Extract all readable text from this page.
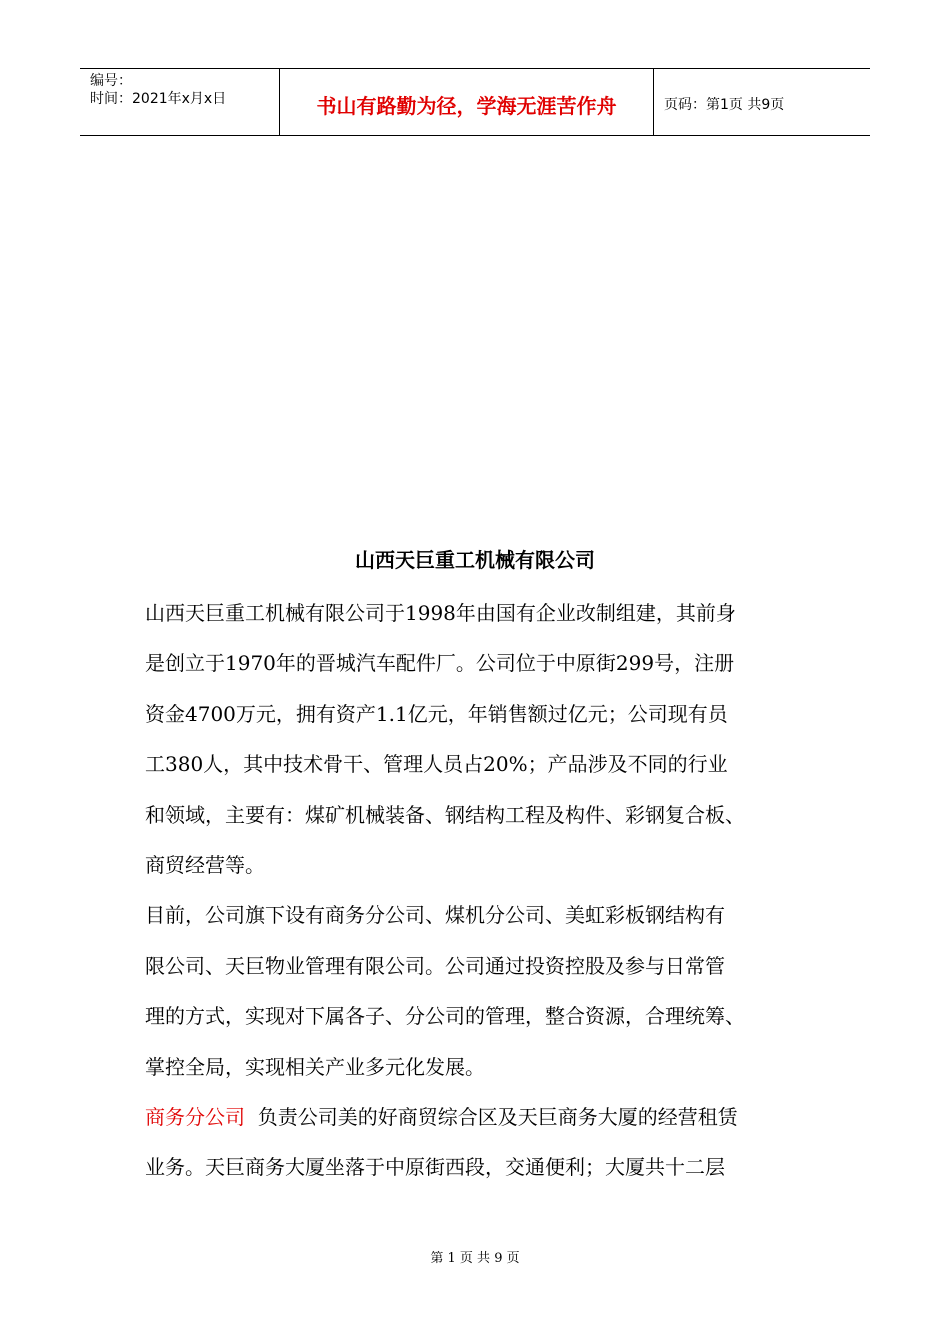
编号：
时间：2021年x月x日	书山有路勤为径，学海无涯苦作舟	页码：第1页 共9页
山西天巨重工机械有限公司

山西天巨重工机械有限公司于1998年由国有企业改制组建，其前身
是创立于1970年的晋城汽车配件厂。公司位于中原街299号，注册
资金4700万元，拥有资产1.1亿元，年销售额过亿元；公司现有员
工380人，其中技术骨干、管理人员占20%；产品涉及不同的行业
和领域，主要有：煤矿机械装备、钢结构工程及构件、彩钢复合板、
商贸经营等。

目前，公司旗下设有商务分公司、煤机分公司、美虹彩板钢结构有
限公司、天巨物业管理有限公司。公司通过投资控股及参与日常管
理的方式，实现对下属各子、分公司的管理，整合资源，合理统筹、
掌控全局，实现相关产业多元化发展。

商务分公司  负责公司美的好商贸综合区及天巨商务大厦的经营租赁
业务。天巨商务大厦坐落于中原街西段，交通便利；大厦共十二层

第 1 页 共 9 页
